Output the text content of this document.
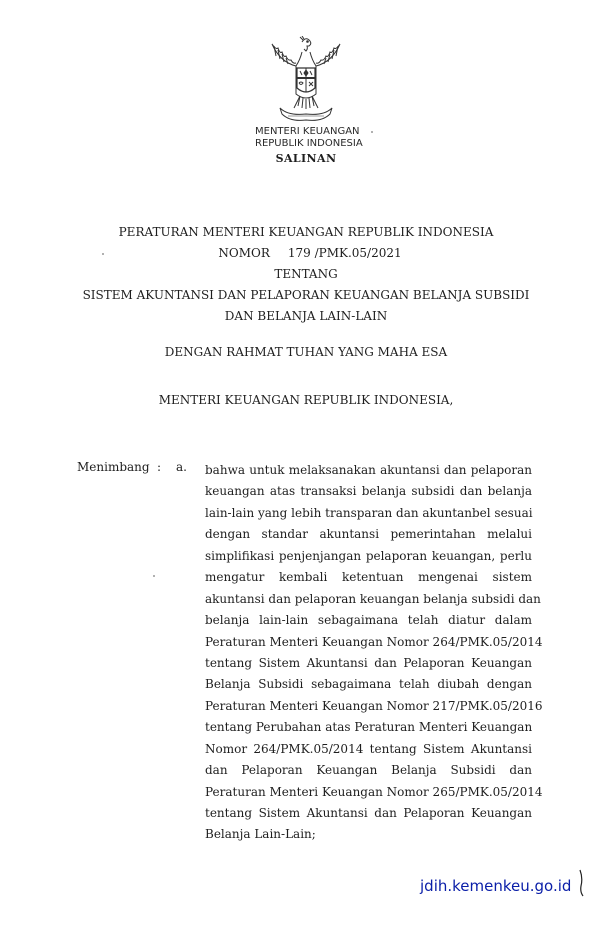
MENTERI KEUANGAN
REPUBLIK INDONESIA
SALINAN
PERATURAN MENTERI KEUANGAN REPUBLIK INDONESIA
NOMOR 179 /PMK.05/2021
TENTANG
SISTEM AKUNTANSI DAN PELAPORAN KEUANGAN BELANJA SUBSIDI
DAN BELANJA LAIN-LAIN
DENGAN RAHMAT TUHAN YANG MAHA ESA
MENTERI KEUANGAN REPUBLIK INDONESIA,
Menimbang : a. bahwa untuk melaksanakan akuntansi dan pelaporan
keuangan atas transaksi belanja subsidi dan belanja
lain-lain yang lebih transparan dan akuntanbel sesuai
dengan standar akuntansi pemerintahan melalui
simplifikasi penjenjangan pelaporan keuangan, perlu
mengatur kembali ketentuan mengenai sistem
akuntansi dan pelaporan keuangan belanja subsidi dan
belanja lain-lain sebagaimana telah diatur dalam
Peraturan Menteri Keuangan Nomor 264/PMK.05/2014
tentang Sistem Akuntansi dan Pelaporan Keuangan
Belanja Subsidi sebagaimana telah diubah dengan
Peraturan Menteri Keuangan Nomor 217/PMK.05/2016
tentang Perubahan atas Peraturan Menteri Keuangan
Nomor 264/PMK.05/2014 tentang Sistem Akuntansi
dan Pelaporan Keuangan Belanja Subsidi dan
Peraturan Menteri Keuangan Nomor 265/PMK.05/2014
tentang Sistem Akuntansi dan Pelaporan Keuangan
Belanja Lain-Lain;
jdih.kemenkeu.go.id
